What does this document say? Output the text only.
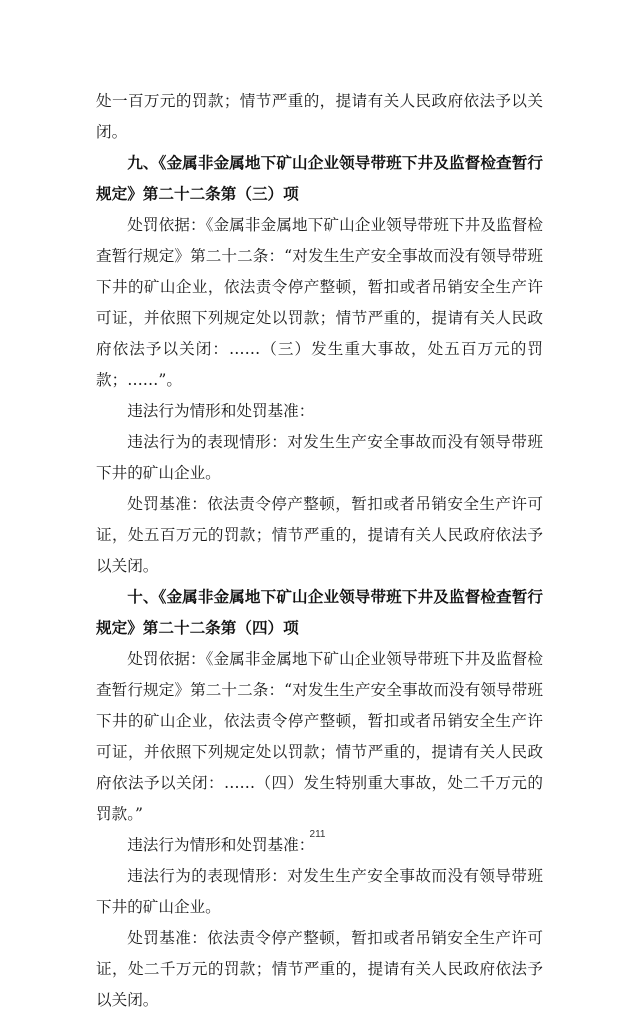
处一百万元的罚款；情节严重的，提请有关人民政府依法予以关闭。

九、《金属非金属地下矿山企业领导带班下井及监督检查暂行规定》第二十二条第（三）项

处罚依据：《金属非金属地下矿山企业领导带班下井及监督检查暂行规定》第二十二条：“对发生生产安全事故而没有领导带班下井的矿山企业，依法责令停产整顿，暂扣或者吊销安全生产许可证，并依照下列规定处以罚款；情节严重的，提请有关人民政府依法予以关闭：……（三）发生重大事故，处五百万元的罚款；……”。

违法行为情形和处罚基准：

违法行为的表现情形：对发生生产安全事故而没有领导带班下井的矿山企业。

处罚基准：依法责令停产整顿，暂扣或者吊销安全生产许可证，处五百万元的罚款；情节严重的，提请有关人民政府依法予以关闭。

十、《金属非金属地下矿山企业领导带班下井及监督检查暂行规定》第二十二条第（四）项

处罚依据：《金属非金属地下矿山企业领导带班下井及监督检查暂行规定》第二十二条：“对发生生产安全事故而没有领导带班下井的矿山企业，依法责令停产整顿，暂扣或者吊销安全生产许可证，并依照下列规定处以罚款；情节严重的，提请有关人民政府依法予以关闭：……（四）发生特别重大事故，处二千万元的罚款。”

违法行为情形和处罚基准：

违法行为的表现情形：对发生生产安全事故而没有领导带班下井的矿山企业。

处罚基准：依法责令停产整顿，暂扣或者吊销安全生产许可证，处二千万元的罚款；情节严重的，提请有关人民政府依法予以关闭。

211
